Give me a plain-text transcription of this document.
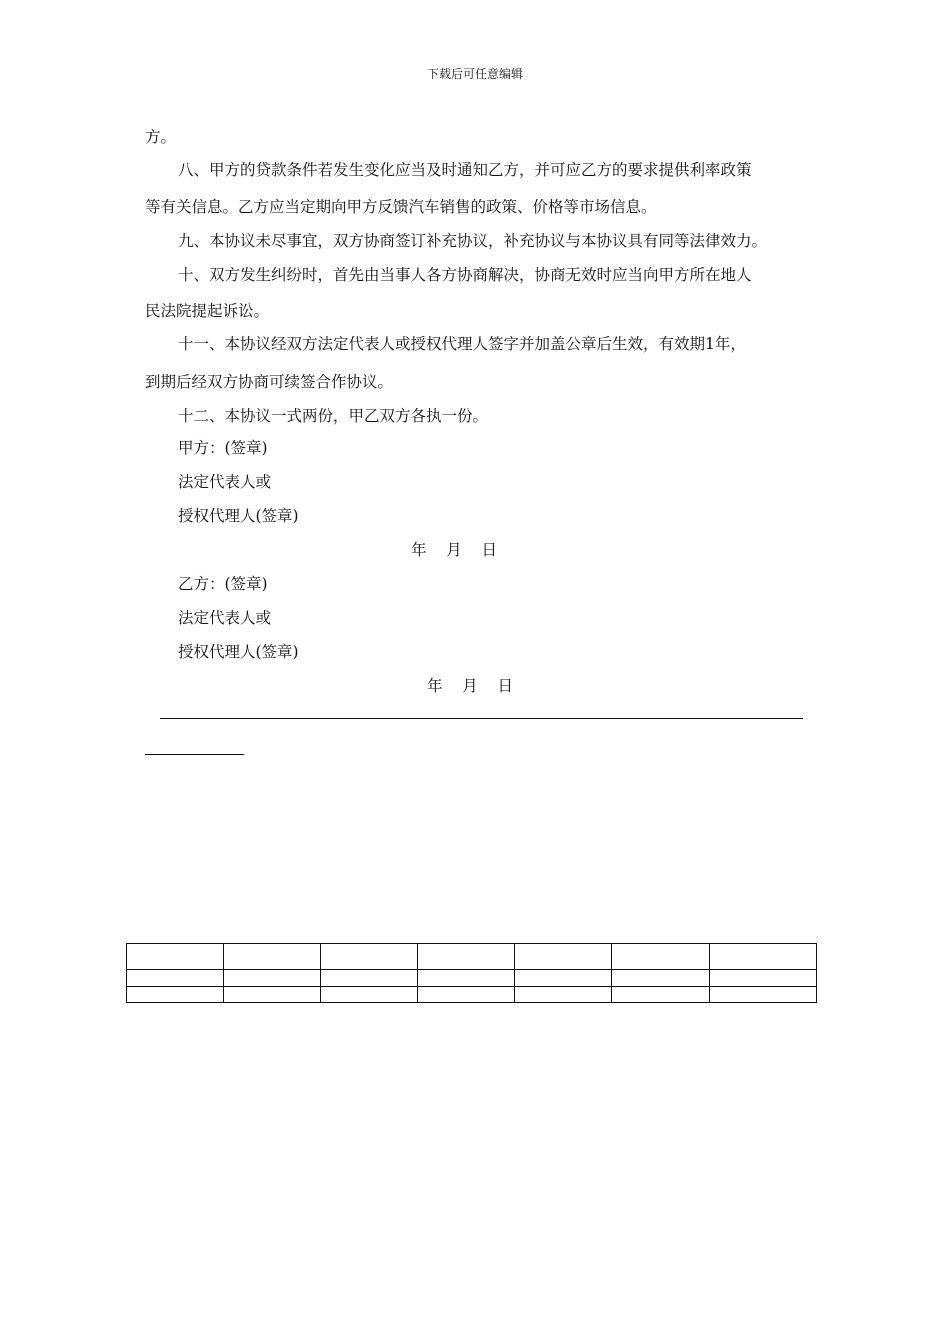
下载后可任意编辑
方。
八、甲方的贷款条件若发生变化应当及时通知乙方，并可应乙方的要求提供利率政策
等有关信息。乙方应当定期向甲方反馈汽车销售的政策、价格等市场信息。
九、本协议未尽事宜，双方协商签订补充协议，补充协议与本协议具有同等法律效力。
十、双方发生纠纷时，首先由当事人各方协商解决，协商无效时应当向甲方所在地人
民法院提起诉讼。
十一、本协议经双方法定代表人或授权代理人签字并加盖公章后生效，有效期1年，
到期后经双方协商可续签合作协议。
十二、本协议一式两份，甲乙双方各执一份。
甲方：(签章)
法定代表人或
授权代理人(签章)
年    月    日
乙方：(签章)
法定代表人或
授权代理人(签章)
年    月    日
